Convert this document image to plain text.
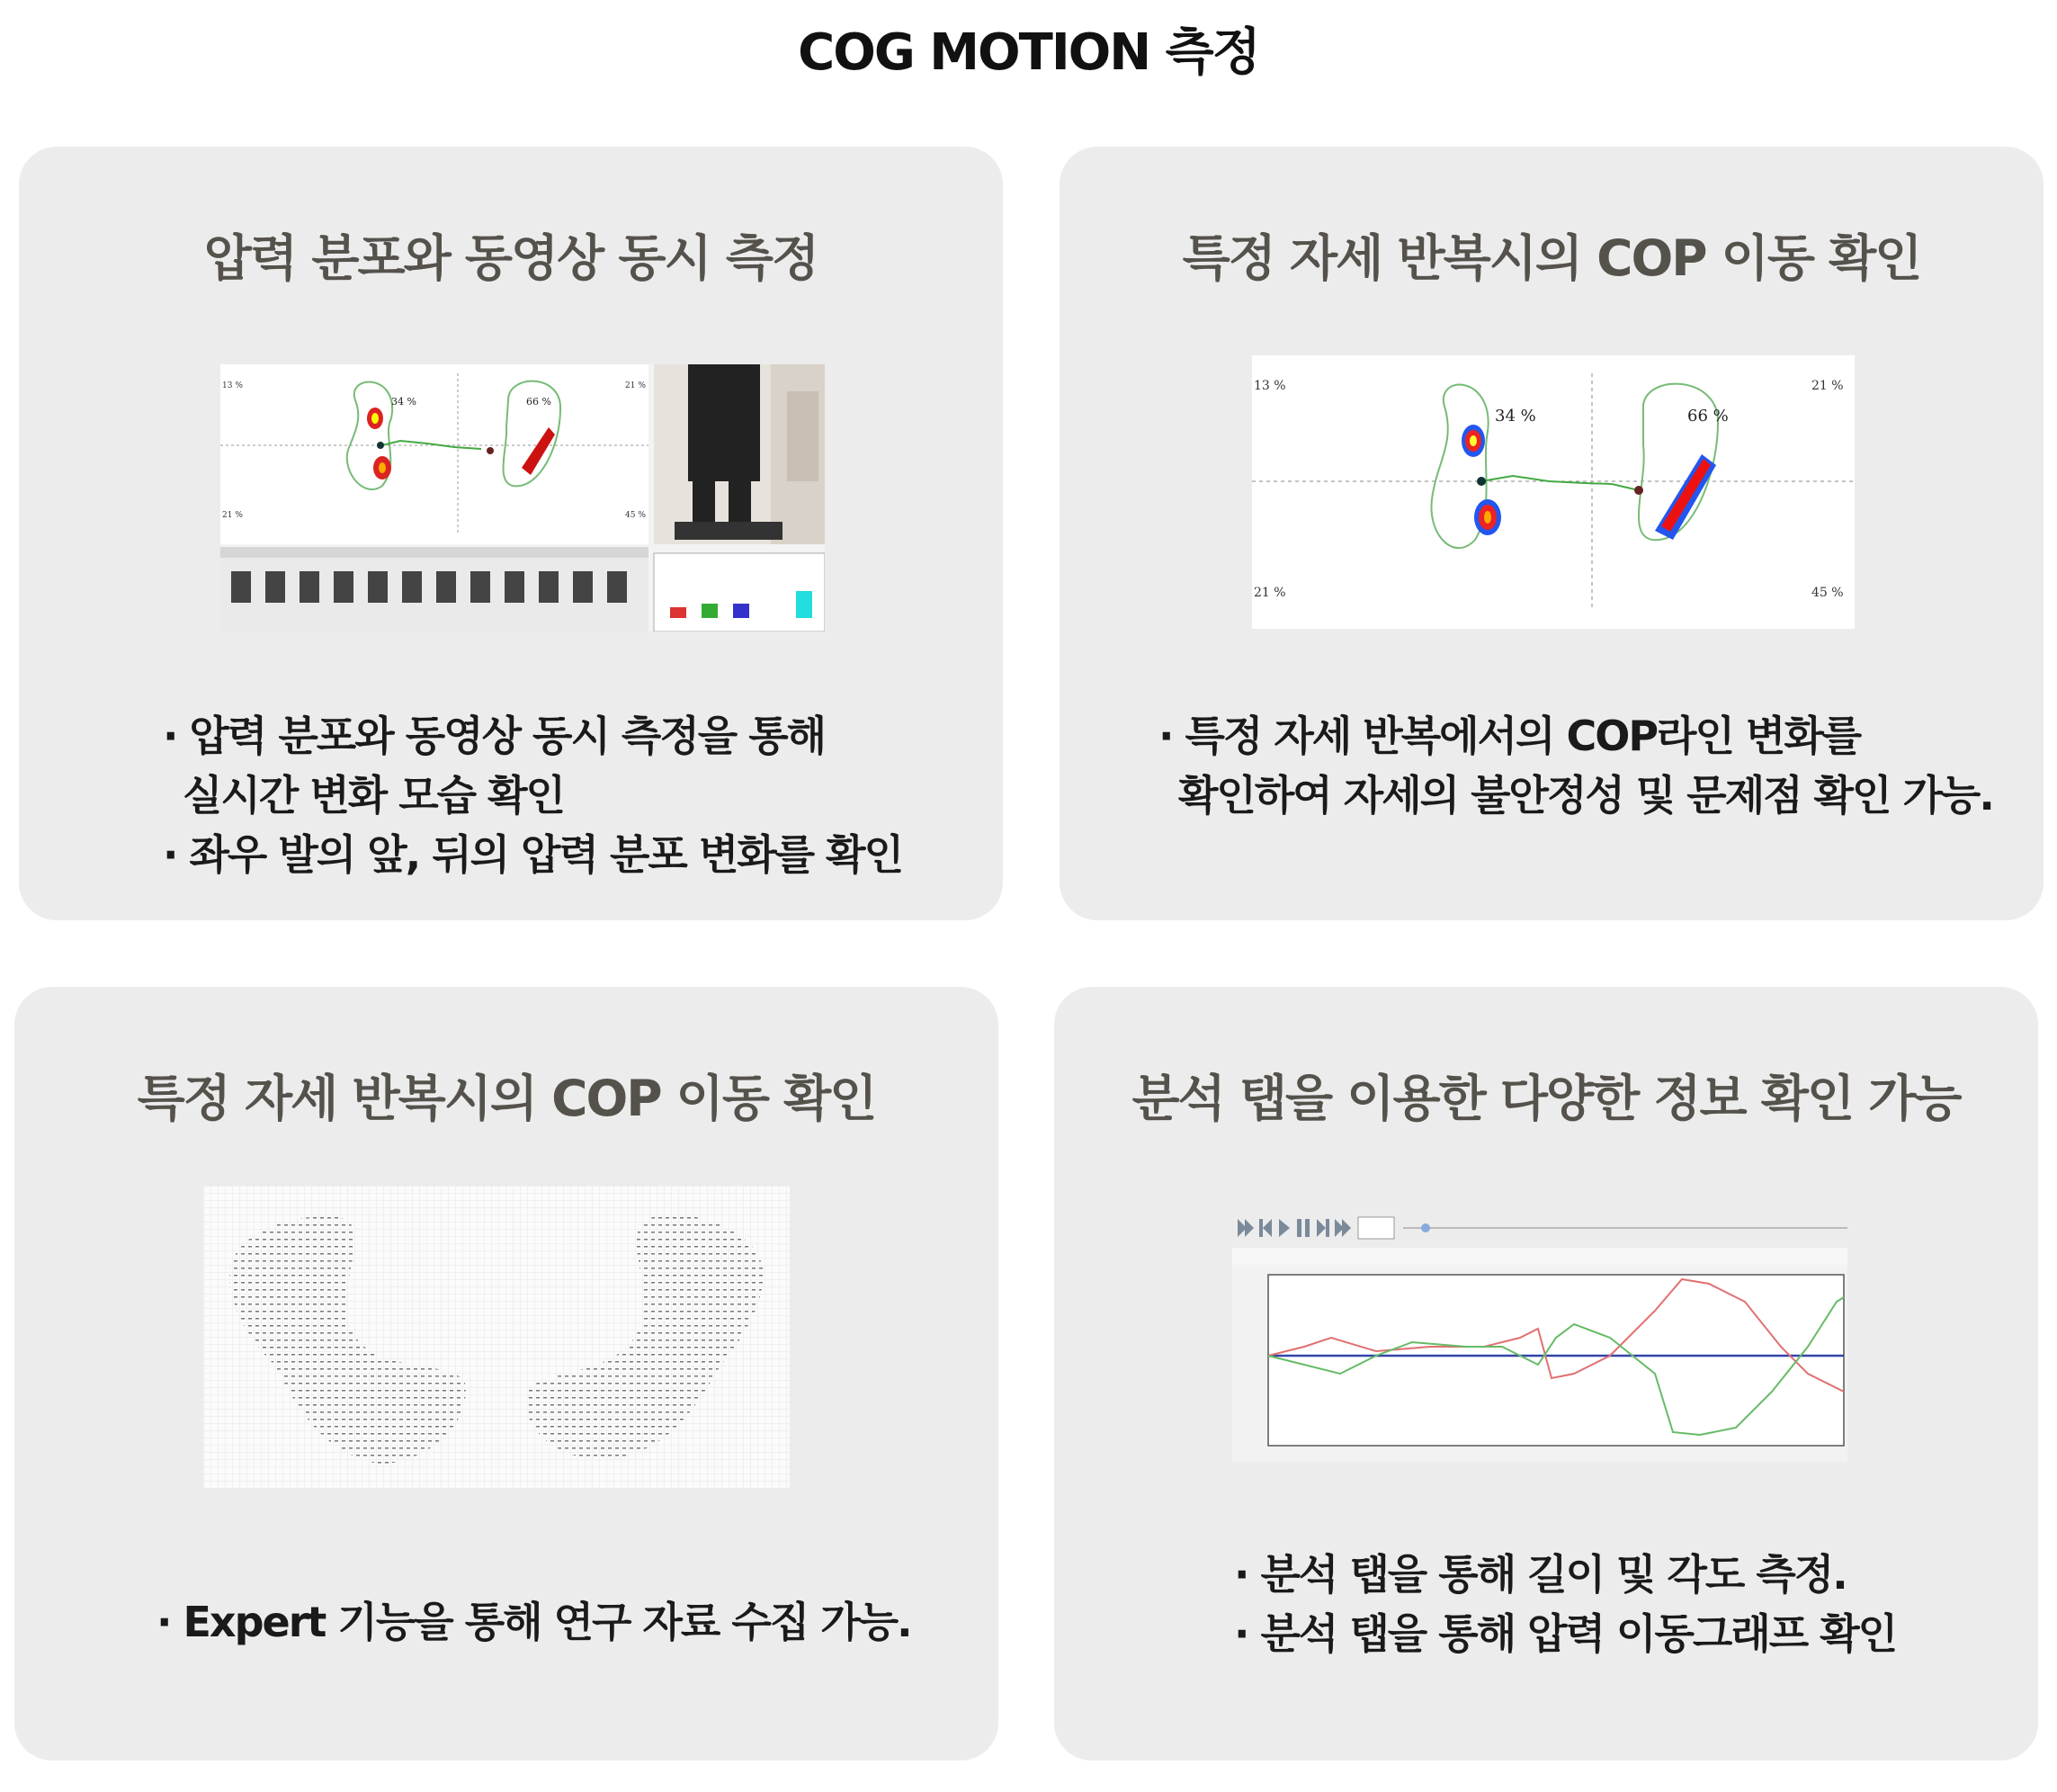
COG MOTION 측정
압력 분포와 동영상 동시 측정
34 %	66 %
13 %	21 %
21 %	45 %
· 압력 분포와 동영상 동시 측정을 통해
실시간 변화 모습 확인
· 좌우 발의 앞, 뒤의 압력 분포 변화를 확인
특정 자세 반복시의 COP 이동 확인
34 %	66 %
13 %	21 %
21 %	45 %
· 특정 자세 반복에서의 COP라인 변화를
확인하여 자세의 불안정성 및 문제점 확인 가능.
특정 자세 반복시의 COP 이동 확인
· Expert 기능을 통해 연구 자료 수집 가능.
분석 탭을 이용한 다양한 정보 확인 가능
· 분석 탭을 통해 길이 및 각도 측정.
· 분석 탭을 통해 압력 이동그래프 확인
